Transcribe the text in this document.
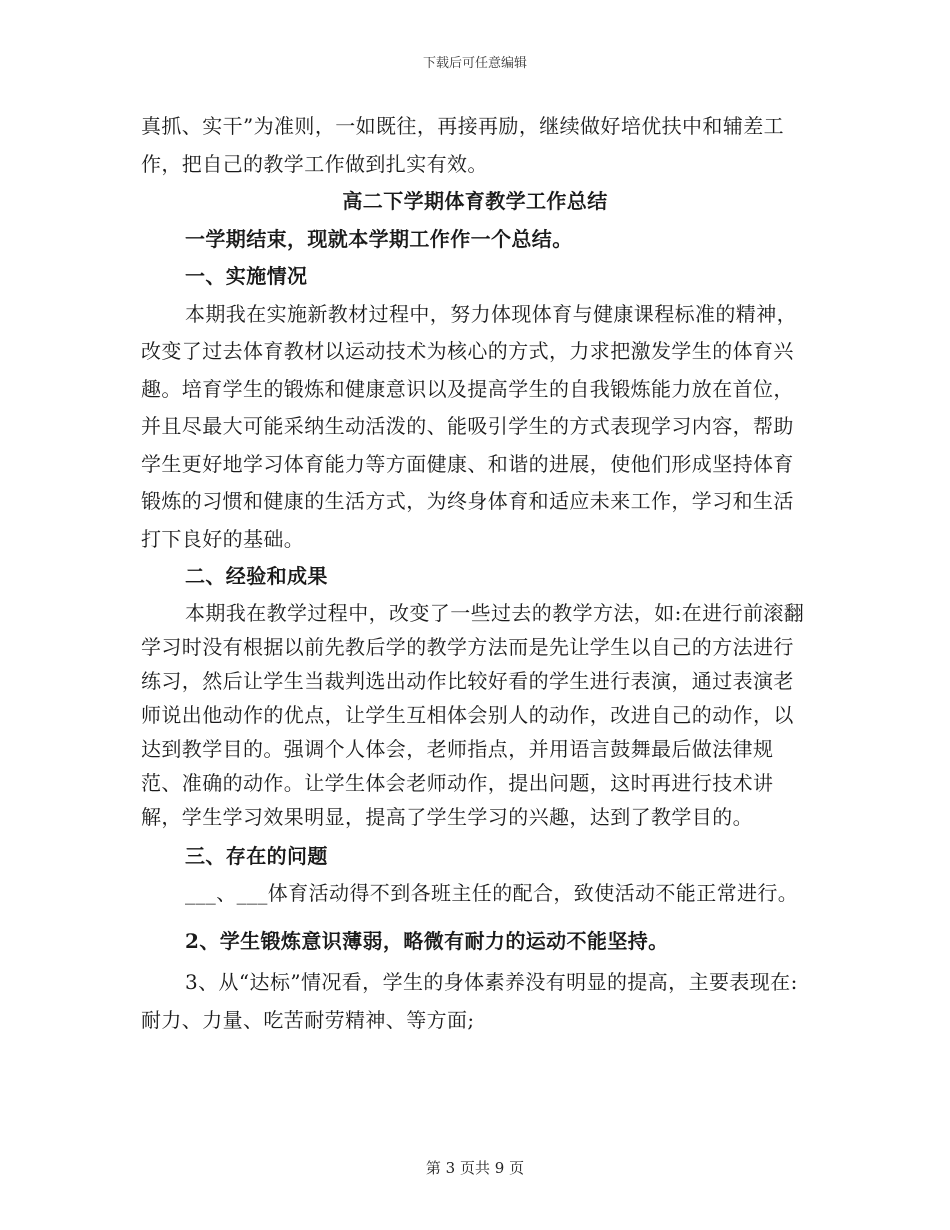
下载后可任意编辑

真抓、实干”为准则，一如既往，再接再励，继续做好培优扶中和辅差工作，把自己的教学工作做到扎实有效。

高二下学期体育教学工作总结

一学期结束，现就本学期工作作一个总结。

一、实施情况

本期我在实施新教材过程中，努力体现体育与健康课程标准的精神，改变了过去体育教材以运动技术为核心的方式，力求把激发学生的体育兴趣。培育学生的锻炼和健康意识以及提高学生的自我锻炼能力放在首位，并且尽最大可能采纳生动活泼的、能吸引学生的方式表现学习内容，帮助学生更好地学习体育能力等方面健康、和谐的进展，使他们形成坚持体育锻炼的习惯和健康的生活方式，为终身体育和适应未来工作，学习和生活打下良好的基础。

二、经验和成果

本期我在教学过程中，改变了一些过去的教学方法，如:在进行前滚翻学习时没有根据以前先教后学的教学方法而是先让学生以自己的方法进行练习，然后让学生当裁判选出动作比较好看的学生进行表演，通过表演老师说出他动作的优点，让学生互相体会别人的动作，改进自己的动作，以达到教学目的。强调个人体会，老师指点，并用语言鼓舞最后做法律规范、准确的动作。让学生体会老师动作，提出问题，这时再进行技术讲解，学生学习效果明显，提高了学生学习的兴趣，达到了教学目的。

三、存在的问题

___、___体育活动得不到各班主任的配合，致使活动不能正常进行。

2、学生锻炼意识薄弱，略微有耐力的运动不能坚持。

3、从“达标”情况看，学生的身体素养没有明显的提高，主要表现在:耐力、力量、吃苦耐劳精神、等方面;

第 3 页共 9 页
